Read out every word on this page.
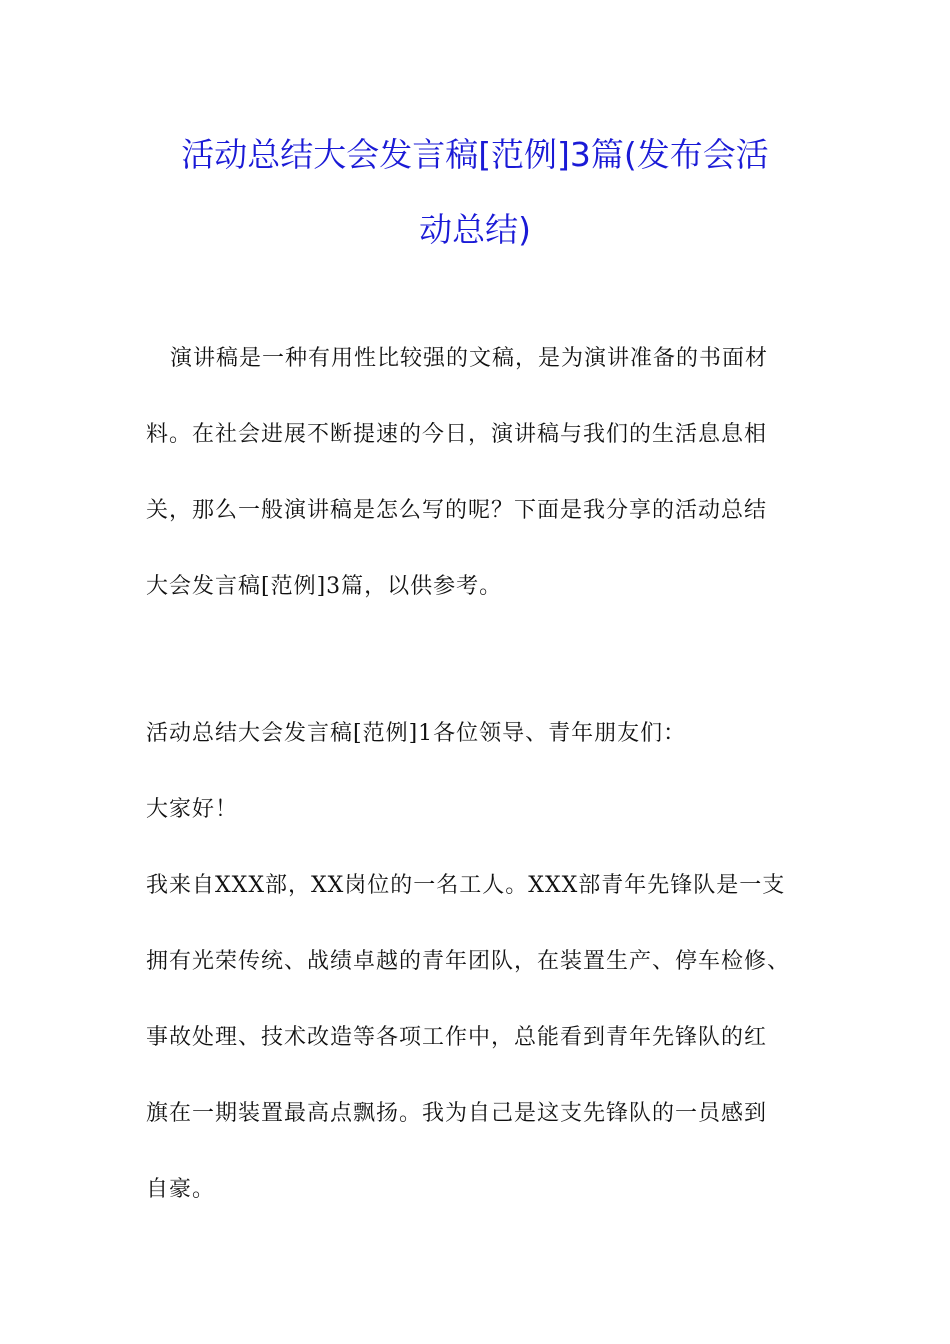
活动总结大会发言稿[范例]3篇(发布会活
动总结)
演讲稿是一种有用性比较强的文稿，是为演讲准备的书面材
料。在社会进展不断提速的今日，演讲稿与我们的生活息息相
关，那么一般演讲稿是怎么写的呢？下面是我分享的活动总结
大会发言稿[范例]3篇，以供参考。
活动总结大会发言稿[范例]1各位领导、青年朋友们：
大家好！
我来自XXX部，XX岗位的一名工人。XXX部青年先锋队是一支
拥有光荣传统、战绩卓越的青年团队，在装置生产、停车检修、
事故处理、技术改造等各项工作中，总能看到青年先锋队的红
旗在一期装置最高点飘扬。我为自己是这支先锋队的一员感到
自豪。
